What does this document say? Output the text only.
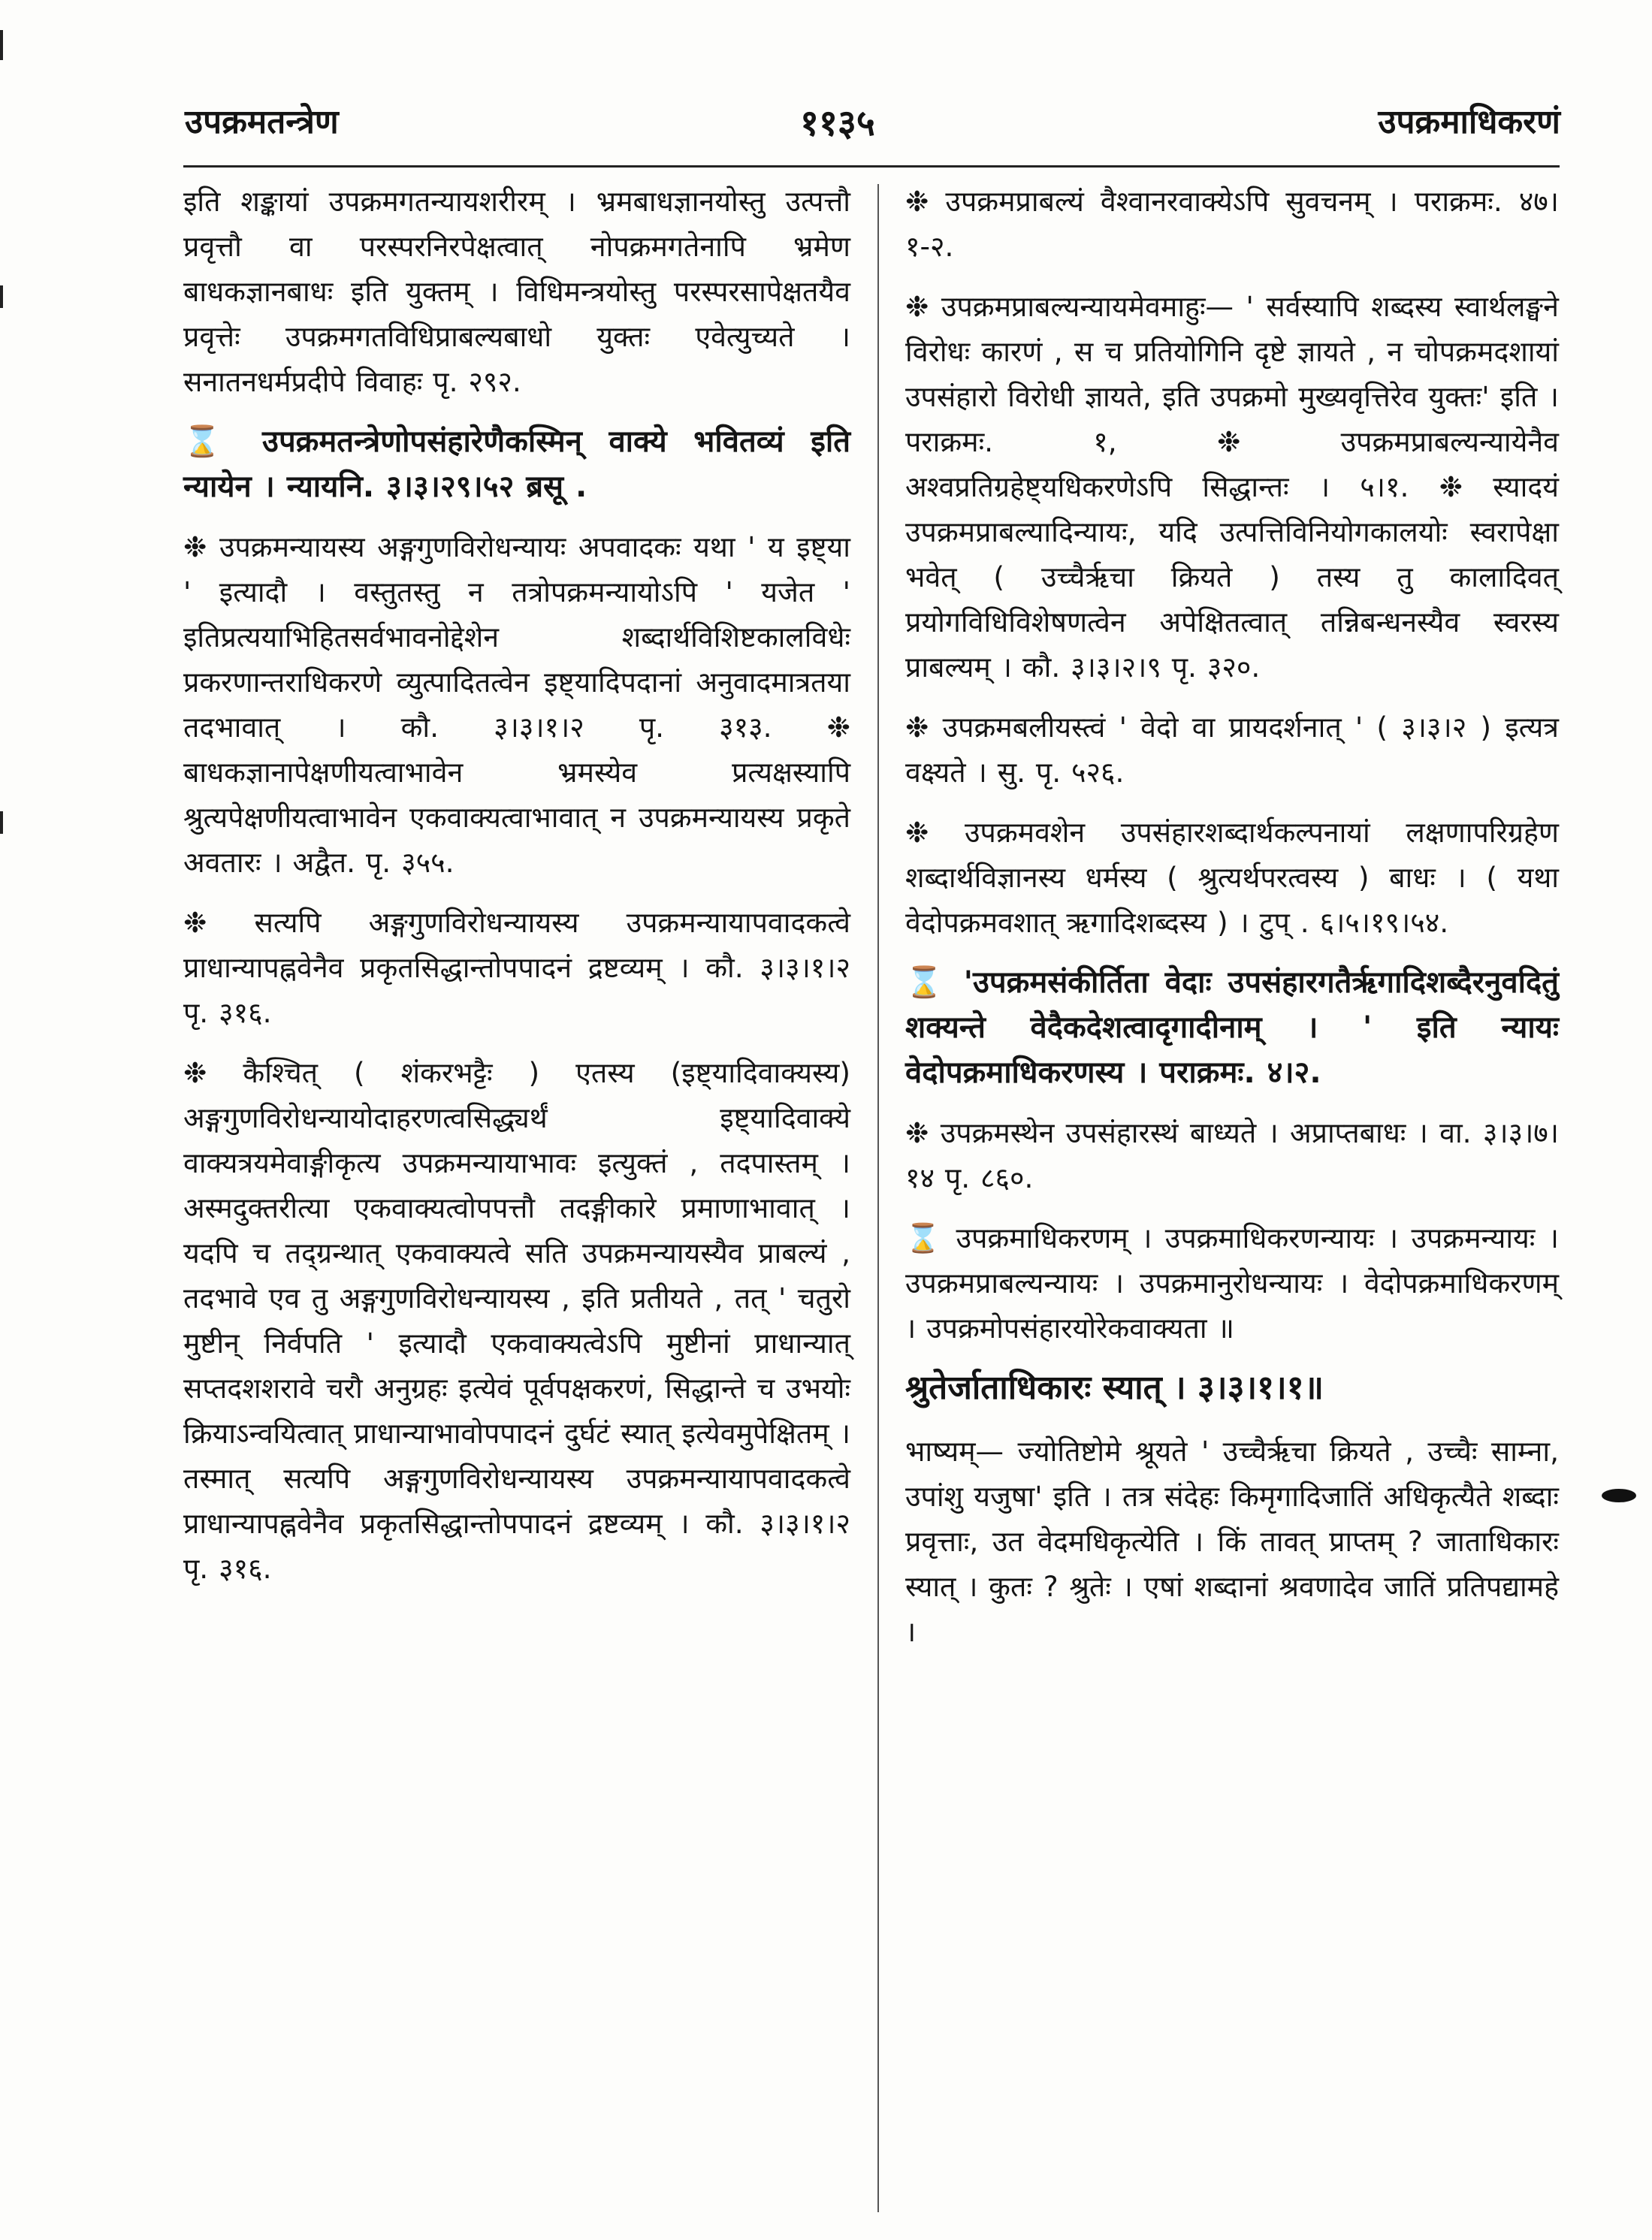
उपक्रमतन्त्रेण	११३५	उपक्रमाधिकरणं

इति शङ्कायां उपक्रमगतन्यायशरीरम् । भ्रमबाधज्ञानयोस्तु उत्पत्तौ प्रवृत्तौ वा परस्परनिरपेक्षत्वात् नोपक्रमगतेनापि भ्रमेण बाधकज्ञानबाधः इति युक्तम् । विधिमन्त्रयोस्तु परस्परसापेक्षतयैव प्रवृत्तेः उपक्रमगतविधिप्राबल्यबाधो युक्तः एवेत्युच्यते । सनातनधर्मप्रदीपे विवाहः पृ. २९२.

⌛ उपक्रमतन्त्रेणोपसंहारेणैकस्मिन् वाक्ये भवितव्यं इति न्यायेन । न्यायनि. ३।३।२९।५२ ब्रसू .

❉ उपक्रमन्यायस्य अङ्गगुणविरोधन्यायः अपवादकः यथा ' य इष्ट्या ' इत्यादौ । वस्तुतस्तु न तत्रोपक्रमन्यायोऽपि ' यजेत ' इतिप्रत्ययाभिहितसर्वभावनोद्देशेन शब्दार्थविशिष्टकालविधेः प्रकरणान्तराधिकरणे व्युत्पादितत्वेन इष्ट्यादिपदानां अनुवादमात्रतया तदभावात् । कौ. ३।३।१।२ पृ. ३१३. ❉ बाधकज्ञानापेक्षणीयत्वाभावेन भ्रमस्येव प्रत्यक्षस्यापि श्रुत्यपेक्षणीयत्वाभावेन एकवाक्यत्वाभावात् न उपक्रमन्यायस्य प्रकृते अवतारः । अद्वैत. पृ. ३५५.

❉ सत्यपि अङ्गगुणविरोधन्यायस्य उपक्रमन्यायापवादकत्वे प्राधान्यापह्नवेनैव प्रकृतसिद्धान्तोपपादनं द्रष्टव्यम् । कौ. ३।३।१।२ पृ. ३१६.

❉ कैश्चित् ( शंकरभट्टैः ) एतस्य (इष्ट्यादिवाक्यस्य) अङ्गगुणविरोधन्यायोदाहरणत्वसिद्ध्यर्थं इष्ट्यादिवाक्ये वाक्यत्रयमेवाङ्गीकृत्य उपक्रमन्यायाभावः इत्युक्तं , तदपास्तम् । अस्मदुक्तरीत्या एकवाक्यत्वोपपत्तौ तदङ्गीकारे प्रमाणाभावात् । यदपि च तद्ग्रन्थात् एकवाक्यत्वे सति उपक्रमन्यायस्यैव प्राबल्यं , तदभावे एव तु अङ्गगुणविरोधन्यायस्य , इति प्रतीयते , तत् ' चतुरो मुष्टीन् निर्वपति ' इत्यादौ एकवाक्यत्वेऽपि मुष्टीनां प्राधान्यात् सप्तदशशरावे चरौ अनुग्रहः इत्येवं पूर्वपक्षकरणं, सिद्धान्ते च उभयोः क्रियाऽन्वयित्वात् प्राधान्याभावोपपादनं दुर्घटं स्यात् इत्येवमुपेक्षितम् । तस्मात् सत्यपि अङ्गगुणविरोधन्यायस्य उपक्रमन्यायापवादकत्वे प्राधान्यापह्नवेनैव प्रकृतसिद्धान्तोपपादनं द्रष्टव्यम् । कौ. ३।३।१।२ पृ. ३१६.

❉ उपक्रमप्राबल्यं वैश्वानरवाक्येऽपि सुवचनम् । पराक्रमः. ४७।१-२.

❉ उपक्रमप्राबल्यन्यायमेवमाहुः— ' सर्वस्यापि शब्दस्य स्वार्थलङ्घने विरोधः कारणं , स च प्रतियोगिनि दृष्टे ज्ञायते , न चोपक्रमदशायां उपसंहारो विरोधी ज्ञायते, इति उपक्रमो मुख्यवृत्तिरेव युक्तः' इति । पराक्रमः. १, ❉ उपक्रमप्राबल्यन्यायेनैव अश्वप्रतिग्रहेष्ट्यधिकरणेऽपि सिद्धान्तः । ५।१. ❉ स्यादयं उपक्रमप्राबल्यादिन्यायः, यदि उत्पत्तिविनियोगकालयोः स्वरापेक्षा भवेत् ( उच्चैर्ऋचा क्रियते ) तस्य तु कालादिवत् प्रयोगविधिविशेषणत्वेन अपेक्षितत्वात् तन्निबन्धनस्यैव स्वरस्य प्राबल्यम् । कौ. ३।३।२।९ पृ. ३२०.

❉ उपक्रमबलीयस्त्वं ' वेदो वा प्रायदर्शनात् ' ( ३।३।२ ) इत्यत्र वक्ष्यते । सु. पृ. ५२६.

❉ उपक्रमवशेन उपसंहारशब्दार्थकल्पनायां लक्षणापरिग्रहेण शब्दार्थविज्ञानस्य धर्मस्य ( श्रुत्यर्थपरत्वस्य ) बाधः । ( यथा वेदोपक्रमवशात् ऋगादिशब्दस्य ) । टुप् . ६।५।१९।५४.

⌛ 'उपक्रमसंकीर्तिता वेदाः उपसंहारगतैर्ऋगादिशब्दैरनुवदितुं शक्यन्ते वेदैकदेशत्वादृगादीनाम् । ' इति न्यायः वेदोपक्रमाधिकरणस्य । पराक्रमः. ४।२.

❉ उपक्रमस्थेन उपसंहारस्थं बाध्यते । अप्राप्तबाधः । वा. ३।३।७।१४ पृ. ८६०.

⌛ उपक्रमाधिकरणम् । उपक्रमाधिकरणन्यायः । उपक्रमन्यायः । उपक्रमप्राबल्यन्यायः । उपक्रमानुरोधन्यायः । वेदोपक्रमाधिकरणम् । उपक्रमोपसंहारयोरेकवाक्यता ॥

श्रुतेर्जाताधिकारः स्यात् । ३।३।१।१॥

भाष्यम्— ज्योतिष्टोमे श्रूयते ' उच्चैर्ऋचा क्रियते , उच्चैः साम्ना, उपांशु यजुषा' इति । तत्र संदेहः किमृगादिजातिं अधिकृत्यैते शब्दाः प्रवृत्ताः, उत वेदमधिकृत्येति । किं तावत् प्राप्तम् ? जाताधिकारः स्यात् । कुतः ? श्रुतेः । एषां शब्दानां श्रवणादेव जातिं प्रतिपद्यामहे ।
